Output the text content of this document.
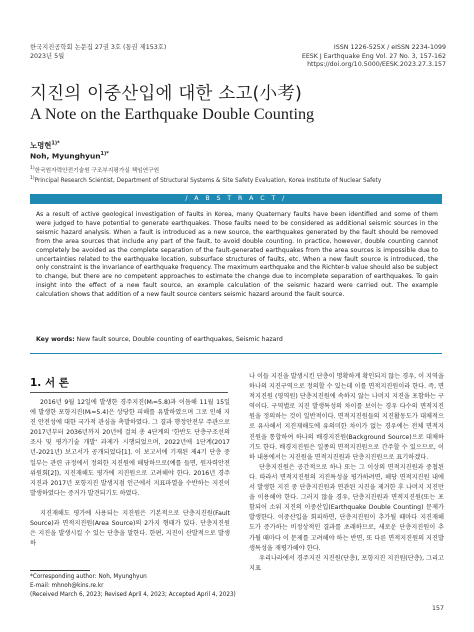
한국지진공학회 논문집 27권 3호 (통권 제153호)
2023년 5월
ISSN 1226-525X / eISSN 2234-1099
EESK J Earthquake Eng Vol. 27 No. 3, 157-162
https://doi.org/10.5000/EESK.2023.27.3.157
지진의 이중산입에 대한 소고(小考)
A Note on the Earthquake Double Counting
노명현$^{1)*}$
Noh, Myunghyun$^{1)*}$
$^{1)}$한국원자력안전기술원 구조부지평가실 책임연구원
$^{1)}$Principal Research Scientist, Department of Structural Systems & Site Safety Evaluation, Korea Institute of Nuclear Safety
/ A B S T R A C T /
As a result of active geological investigation of faults in Korea, many Quaternary faults have been identified and some of them were judged to have potential to generate earthquakes. Those faults need to be considered as additional seismic sources in the seismic hazard analysis. When a fault is introduced as a new source, the earthquakes generated by the fault should be removed from the area sources that include any part of the fault, to avoid double counting. In practice, however, double counting cannot completely be avoided as the complete separation of the fault-generated earthquakes from the area sources is impossible due to uncertainties related to the earthquake location, subsurface structures of faults, etc. When a new fault source is introduced, the only constraint is the invariance of earthquake frequency. The maximum earthquake and the Richter-b value should also be subject to change, but there are no competent approaches to estimate the change due to incomplete separation of earthquakes. To gain insight into the effect of a new fault source, an example calculation of the seismic hazard were carried out. The example calculation shows that addition of a new fault source centers seismic hazard around the fault source.
Key words: New fault source, Double counting of earthquakes, Seismic hazard
1. 서 론

2016년 9월 12일에 발생한 경주지진(Mₗ=5.8)과 이듬해 11월 15일에 발생한 포항지진(Mₗ=5.4)은 상당한 피해를 유발하였으며 그로 인해 지진 안전성에 대한 국가적 관심을 촉발하였다. 그 결과 행정안전부 주관으로 2017년부터 2036년까지 20년에 걸쳐 총 4단계의 '한반도 단층구조선의 조사 및 평가기술 개발' 과제가 시행되었으며, 2022년에 1단계(2017년-2021년) 보고서가 공개되었다[1]. 이 보고서에 기재된 제4기 단층 중 일부는 관련 규정에서 정의한 지진원에 해당하므로(예를 들면, 원자력안전위원회[2]), 지진재해도 평가에 지진원으로 고려해야 한다. 2016년 경주지진과 2017년 포항지진 발생지점 인근에서 지표파열을 수반하는 지진이 발생하였다는 증거가 발견되기도 하였다.

지진재해도 평가에 사용되는 지진원은 기본적으로 단층지진원(Fault Source)과 면적지진원(Area Source)의 2가지 형태가 있다. 단층지진원은 지진을 발생시킬 수 있는 단층을 말한다. 한편, 지진이 산발적으로 발생하

나 이들 지진을 발생시킨 단층이 명확하게 확인되지 않는 경우, 이 지역을 하나의 지진구역으로 정의할 수 있는데 이를 면적지진원이라 한다. 즉, 면적지진원 (영역원) 단층지진원에 속하지 않는 나머지 지진을 포함하는 구역이다. 구역별로 지진 발생특성의 차이를 보이는 경우 다수의 면적지진원을 정의하는 것이 일반적이다. 면적지진원들의 지진활동도가 대체적으로 유사해서 지진재해도에 유의미한 차이가 없는 경우에는 전체 면적지진원을 통합하여 하나의 배경지진원(Background Source)으로 대체하기도 한다. 배경지진원은 일종의 면적지진원으로 간주할 수 있으므로, 이하 내용에서는 지진원을 면적지진원과 단층지진원으로 표기하겠다.

단층지진원은 공간적으로 하나 또는 그 이상의 면적지진원과 중첩된다. 따라서 면적지진원의 지진특성을 평가하려면, 해당 면적지진원 내에서 발생한 지진 중 단층지진원과 연관된 지진을 제거한 후 나머지 지진만을 이용해야 한다. 그러지 않을 경우, 단층지진원과 면적지진원(또는 포함되어 소위 지진의 이중산입(Earthquake Double Counting) 문제가 발생한다. 이중산입을 회피하면, 단층지진원이 추가될 때마다 지진재해도가 증가하는 비정상적인 결과를 초래하므로, 새로운 단층지진원이 추가될 때마다 이 문제를 고려해야 하는 반면, 또 다른 면적지진원의 지진발생특성을 재평가해야 한다.

우리나라에서 경주지진 지진원(단층), 포항지진 지진원(단층), 그리고 지표

*Corresponding author: Noh, Myunghyun
E-mail: mhnoh@kins.re.kr
(Received March 6, 2023; Revised April 4, 2023; Accepted April 4, 2023)
157
